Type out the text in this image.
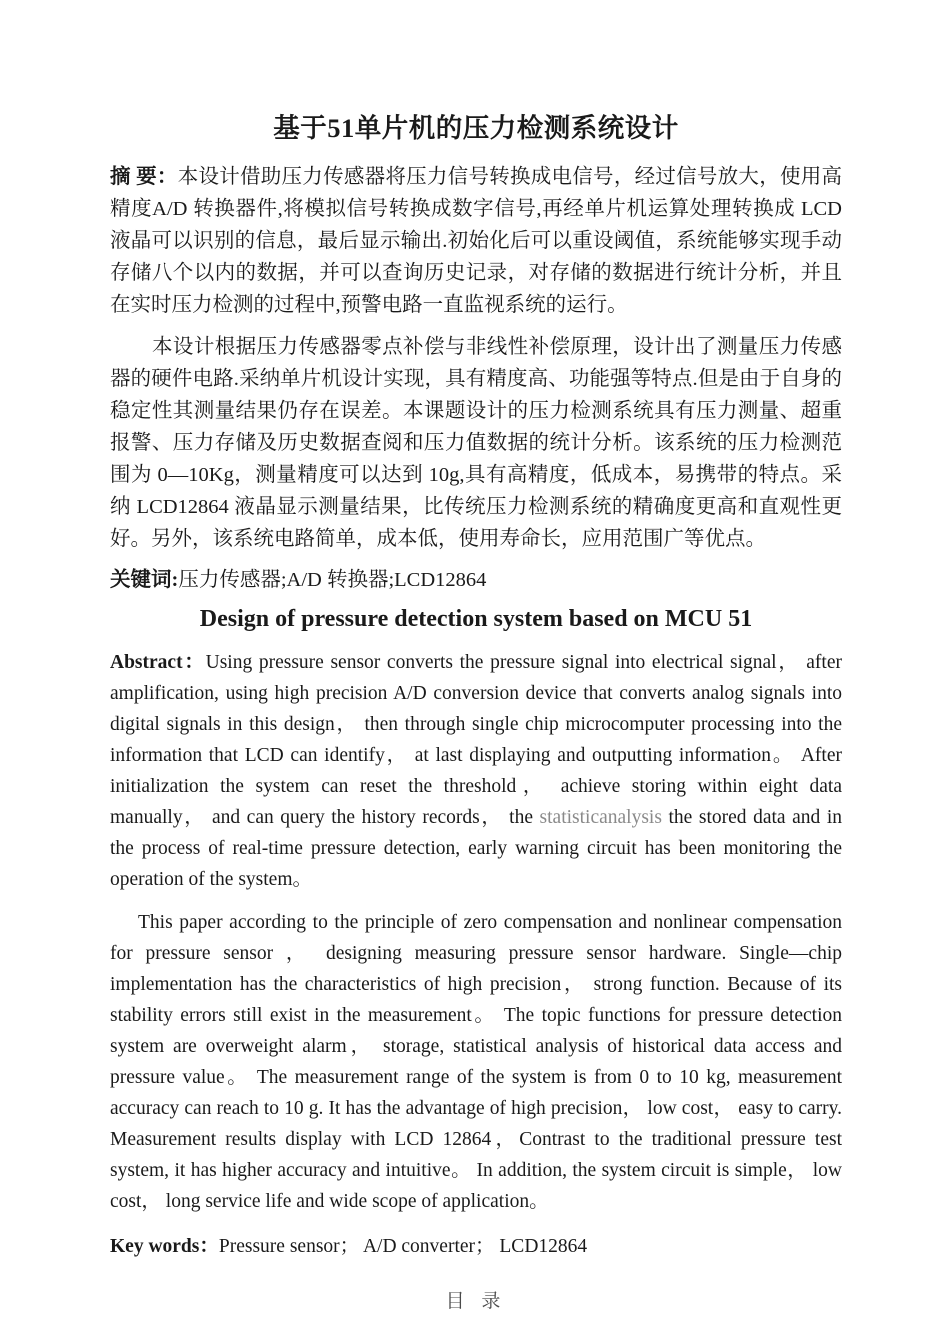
基于51单片机的压力检测系统设计

摘 要：本设计借助压力传感器将压力信号转换成电信号，经过信号放大，使用高精度A/D 转换器件,将模拟信号转换成数字信号,再经单片机运算处理转换成 LCD 液晶可以识别的信息，最后显示输出.初始化后可以重设阈值，系统能够实现手动存储八个以内的数据，并可以查询历史记录，对存储的数据进行统计分析，并且在实时压力检测的过程中,预警电路一直监视系统的运行。

本设计根据压力传感器零点补偿与非线性补偿原理，设计出了测量压力传感器的硬件电路.采纳单片机设计实现，具有精度高、功能强等特点.但是由于自身的稳定性其测量结果仍存在误差。本课题设计的压力检测系统具有压力测量、超重报警、压力存储及历史数据查阅和压力值数据的统计分析。该系统的压力检测范围为 0—10Kg，测量精度可以达到 10g,具有高精度，低成本，易携带的特点。采纳 LCD12864 液晶显示测量结果，比传统压力检测系统的精确度更高和直观性更好。另外，该系统电路简单，成本低，使用寿命长，应用范围广等优点。

关键词:压力传感器;A/D 转换器;LCD12864

Design of pressure detection system based on MCU 51

Abstract：Using pressure sensor converts the pressure signal into electrical signal， after amplification, using high precision A/D conversion device that converts analog signals into digital signals in this design， then through single chip microcomputer processing into the information that LCD can identify， at last displaying and outputting information。 After initialization the system can reset the threshold， achieve storing within eight data manually， and can query the history records， the statisticanalysis the stored data and in the process of real-time pressure detection, early warning circuit has been monitoring the operation of the system。

This paper according to the principle of zero compensation and nonlinear compensation for pressure sensor ， designing measuring pressure sensor hardware. Single—chip implementation has the characteristics of high precision， strong function. Because of its stability errors still exist in the measurement。 The topic functions for pressure detection system are overweight alarm， storage, statistical analysis of historical data access and pressure value。 The measurement range of the system is from 0 to 10 kg, measurement accuracy can reach to 10 g. It has the advantage of high precision， low cost， easy to carry. Measurement results display with LCD 12864，Contrast to the traditional pressure test system, it has higher accuracy and intuitive。 In addition, the system circuit is simple， low cost， long service life and wide scope of application。

Key words：Pressure sensor； A/D converter； LCD12864

目 录
